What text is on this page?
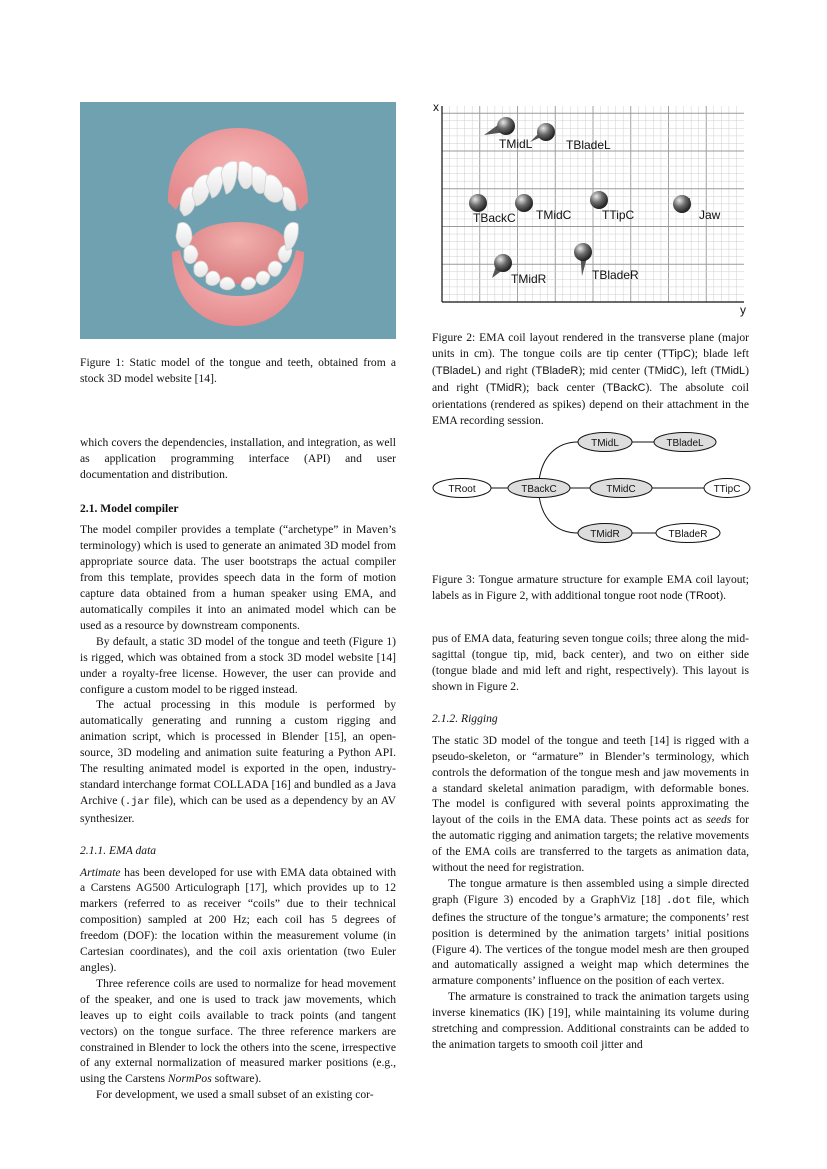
x
y
TMidL	TBladeL
TBackC TMidC	TTipC	Jaw
TMidR	TBladeR
TRoot	TBackC
TMidL	TBladeL
TMidC	TTipC
TMidR	TBladeR

Figure 1: Static model of the tongue and teeth, obtained from a stock 3D model website [14].

which covers the dependencies, installation, and integration, as well as application programming interface (API) and user documentation and distribution.

2.1. Model compiler

The model compiler provides a template (“archetype” in Maven’s terminology) which is used to generate an animated 3D model from appropriate source data. The user bootstraps the actual compiler from this template, provides speech data in the form of motion capture data obtained from a human speaker using EMA, and automatically compiles it into an animated model which can be used as a resource by downstream components.

By default, a static 3D model of the tongue and teeth (Figure 1) is rigged, which was obtained from a stock 3D model website [14] under a royalty-free license. However, the user can provide and configure a custom model to be rigged instead.

The actual processing in this module is performed by automatically generating and running a custom rigging and animation script, which is processed in Blender [15], an open-source, 3D modeling and animation suite featuring a Python API. The resulting animated model is exported in the open, industry-standard interchange format COLLADA [16] and bundled as a Java Archive (.jar file), which can be used as a dependency by an AV synthesizer.

2.1.1. EMA data

Artimate has been developed for use with EMA data obtained with a Carstens AG500 Articulograph [17], which provides up to 12 markers (referred to as receiver “coils” due to their technical composition) sampled at 200 Hz; each coil has 5 degrees of freedom (DOF): the location within the measurement volume (in Cartesian coordinates), and the coil axis orientation (two Euler angles).

Three reference coils are used to normalize for head movement of the speaker, and one is used to track jaw movements, which leaves up to eight coils available to track points (and tangent vectors) on the tongue surface. The three reference markers are constrained in Blender to lock the others into the scene, irrespective of any external normalization of measured marker positions (e.g., using the Carstens NormPos software).

For development, we used a small subset of an existing cor-

Figure 2: EMA coil layout rendered in the transverse plane (major units in cm). The tongue coils are tip center (TTipC); blade left (TBladeL) and right (TBladeR); mid center (TMidC), left (TMidL) and right (TMidR); back center (TBackC). The absolute coil orientations (rendered as spikes) depend on their attachment in the EMA recording session.

Figure 3: Tongue armature structure for example EMA coil layout; labels as in Figure 2, with additional tongue root node (TRoot).

pus of EMA data, featuring seven tongue coils; three along the mid-sagittal (tongue tip, mid, back center), and two on either side (tongue blade and mid left and right, respectively). This layout is shown in Figure 2.

2.1.2. Rigging

The static 3D model of the tongue and teeth [14] is rigged with a pseudo-skeleton, or “armature” in Blender’s terminology, which controls the deformation of the tongue mesh and jaw movements in a standard skeletal animation paradigm, with deformable bones. The model is configured with several points approximating the layout of the coils in the EMA data. These points act as seeds for the automatic rigging and animation targets; the relative movements of the EMA coils are transferred to the targets as animation data, without the need for registration.

The tongue armature is then assembled using a simple directed graph (Figure 3) encoded by a GraphViz [18] .dot file, which defines the structure of the tongue’s armature; the components’ rest position is determined by the animation targets’ initial positions (Figure 4). The vertices of the tongue model mesh are then grouped and automatically assigned a weight map which determines the armature components’ influence on the position of each vertex.

The armature is constrained to track the animation targets using inverse kinematics (IK) [19], while maintaining its volume during stretching and compression. Additional constraints can be added to the animation targets to smooth coil jitter and
